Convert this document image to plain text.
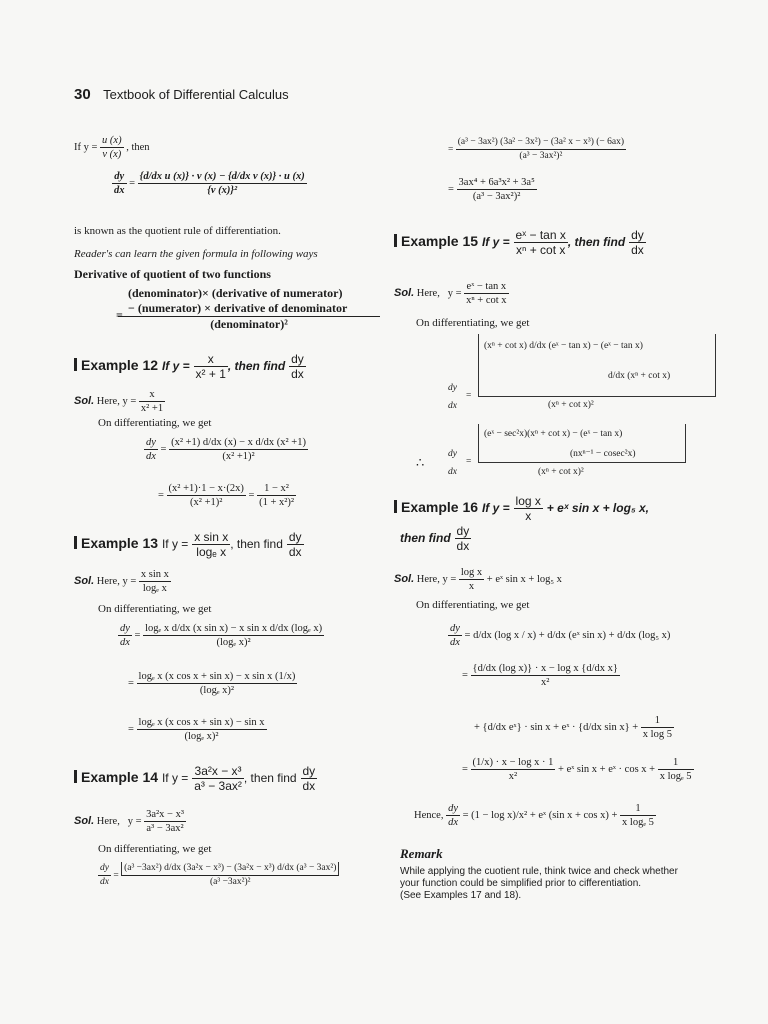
30 Textbook of Differential Calculus
If $y = \frac{u (x)}{v (x)}$ , then
$\frac{dy}{dx} = \frac{\text{\{d/dx u (x)\} · v (x) − \{d/dx v (x)\} · u (x)}}{\text{\{v (x)\}²}}$
is known as the quotient rule of differentiation.
Reader's can learn the given formula in following ways
Derivative of quotient of two functions
=
(denominator)× (derivative of numerator)
− (numerator) × derivative of denominator
(denominator)²
Example 12 If $y = \frac{x}{\text{x² + 1}}$ , then find $\frac{dy}{dx}$
Sol. Here, $y = \frac{x}{\text{x² +1}}$
On differentiating, we get
$\frac{dy}{dx} = \frac{\text{(x² +1) d/dx (x) − x d/dx (x² +1)}}{\text{(x² +1)²}}$
= $\frac{\text{(x² +1)·1 − x·(2x)}}{\text{(x² +1)²}} = \frac{\text{1 − x²}}{\text{(1 + x²)²}}$
Example 13 If $y = \frac{\text{x sin x}}{\text{logₑ x}}$ , then find $\frac{dy}{dx}$
Sol. Here, $y = \frac{\text{x sin x}}{\text{logₑ x}}$
On differentiating, we get
$\frac{dy}{dx} = \frac{\text{logₑ x d/dx (x sin x) − x sin x d/dx (logₑ x)}}{\text{(logₑ x)²}}$
= $\frac{\text{logₑ x (x cos x + sin x) − x sin x (1/x)}}{\text{(logₑ x)²}}$
= $\frac{\text{logₑ x (x cos x + sin x) − sin x}}{\text{(logₑ x)²}}$
Example 14 If $y = \frac{\text{3a²x − x³}}{\text{a³ − 3ax²}}$ , then find $\frac{dy}{dx}$
Sol. Here, $y = \frac{\text{3a²x − x³}}{\text{a³ − 3ax²}}$
On differentiating, we get
$\frac{dy}{dx} = \frac{\text{(a³ −3ax²) d/dx (3a²x − x³) − (3a²x − x³) d/dx (a³ − 3ax²)}}{\text{(a³ −3ax²)²}}$
= $\frac{\text{(a³ − 3ax²) (3a² − 3x²) − (3a² x − x³) (− 6ax)}}{\text{(a³ − 3ax²)²}}$
= $\frac{\text{3ax⁴ + 6a³x² + 3a⁵}}{\text{(a³ − 3ax²)²}}$
Example 15 If $y = \frac{\text{eˣ − tan x}}{\text{xⁿ + cot x}}$ , then find $\frac{dy}{dx}$
Sol. Here, $y = \frac{\text{eˣ − tan x}}{\text{xⁿ + cot x}}$
On differentiating, we get
dy
dx
=
(xⁿ + cot x) d/dx (eˣ − tan x) − (eˣ − tan x)
d/dx (xⁿ + cot x)
(xⁿ + cot x)²
∴
dy
dx
=
(eˣ − sec²x)(xⁿ + cot x) − (eˣ − tan x)
(nxⁿ⁻¹ − cosec²x)
(xⁿ + cot x)²
Example 16 If $y = \frac{\text{log x}}{x}$ + eˣ sin x + log₅ x,
then find $\frac{dy}{dx}$
Sol. Here, $y = \frac{\text{log x}}{x}$ + eˣ sin x + log₅ x
On differentiating, we get
$\frac{dy}{dx} = d/dx$ (log x / x) + d/dx (eˣ sin x) + d/dx (log₅ x)
= $\frac{\text{\{d/dx (log x)\} · x − log x \{d/dx x\}}}{\text{x²}}$
+ {d/dx eˣ} · sin x + eˣ · {d/dx $\sin x\} + \frac{1}{\text{x log 5}}$
= $\frac{\text{(1/x) · x − log x · 1}}{\text{x²}}$ + eˣ sin x + eˣ · $\cos x + \frac{1}{\text{x logₑ 5}}$
Hence, $\frac{dy}{dx} = (1 - \log x)/x^2$ + eˣ (sin $x + \cos x) + \frac{1}{\text{x logₑ 5}}$
Remark
While applying the cuotient rule, think twice and check whether
your function could be simplified prior to cifferentiation.
(See Examples 17 and 18).
